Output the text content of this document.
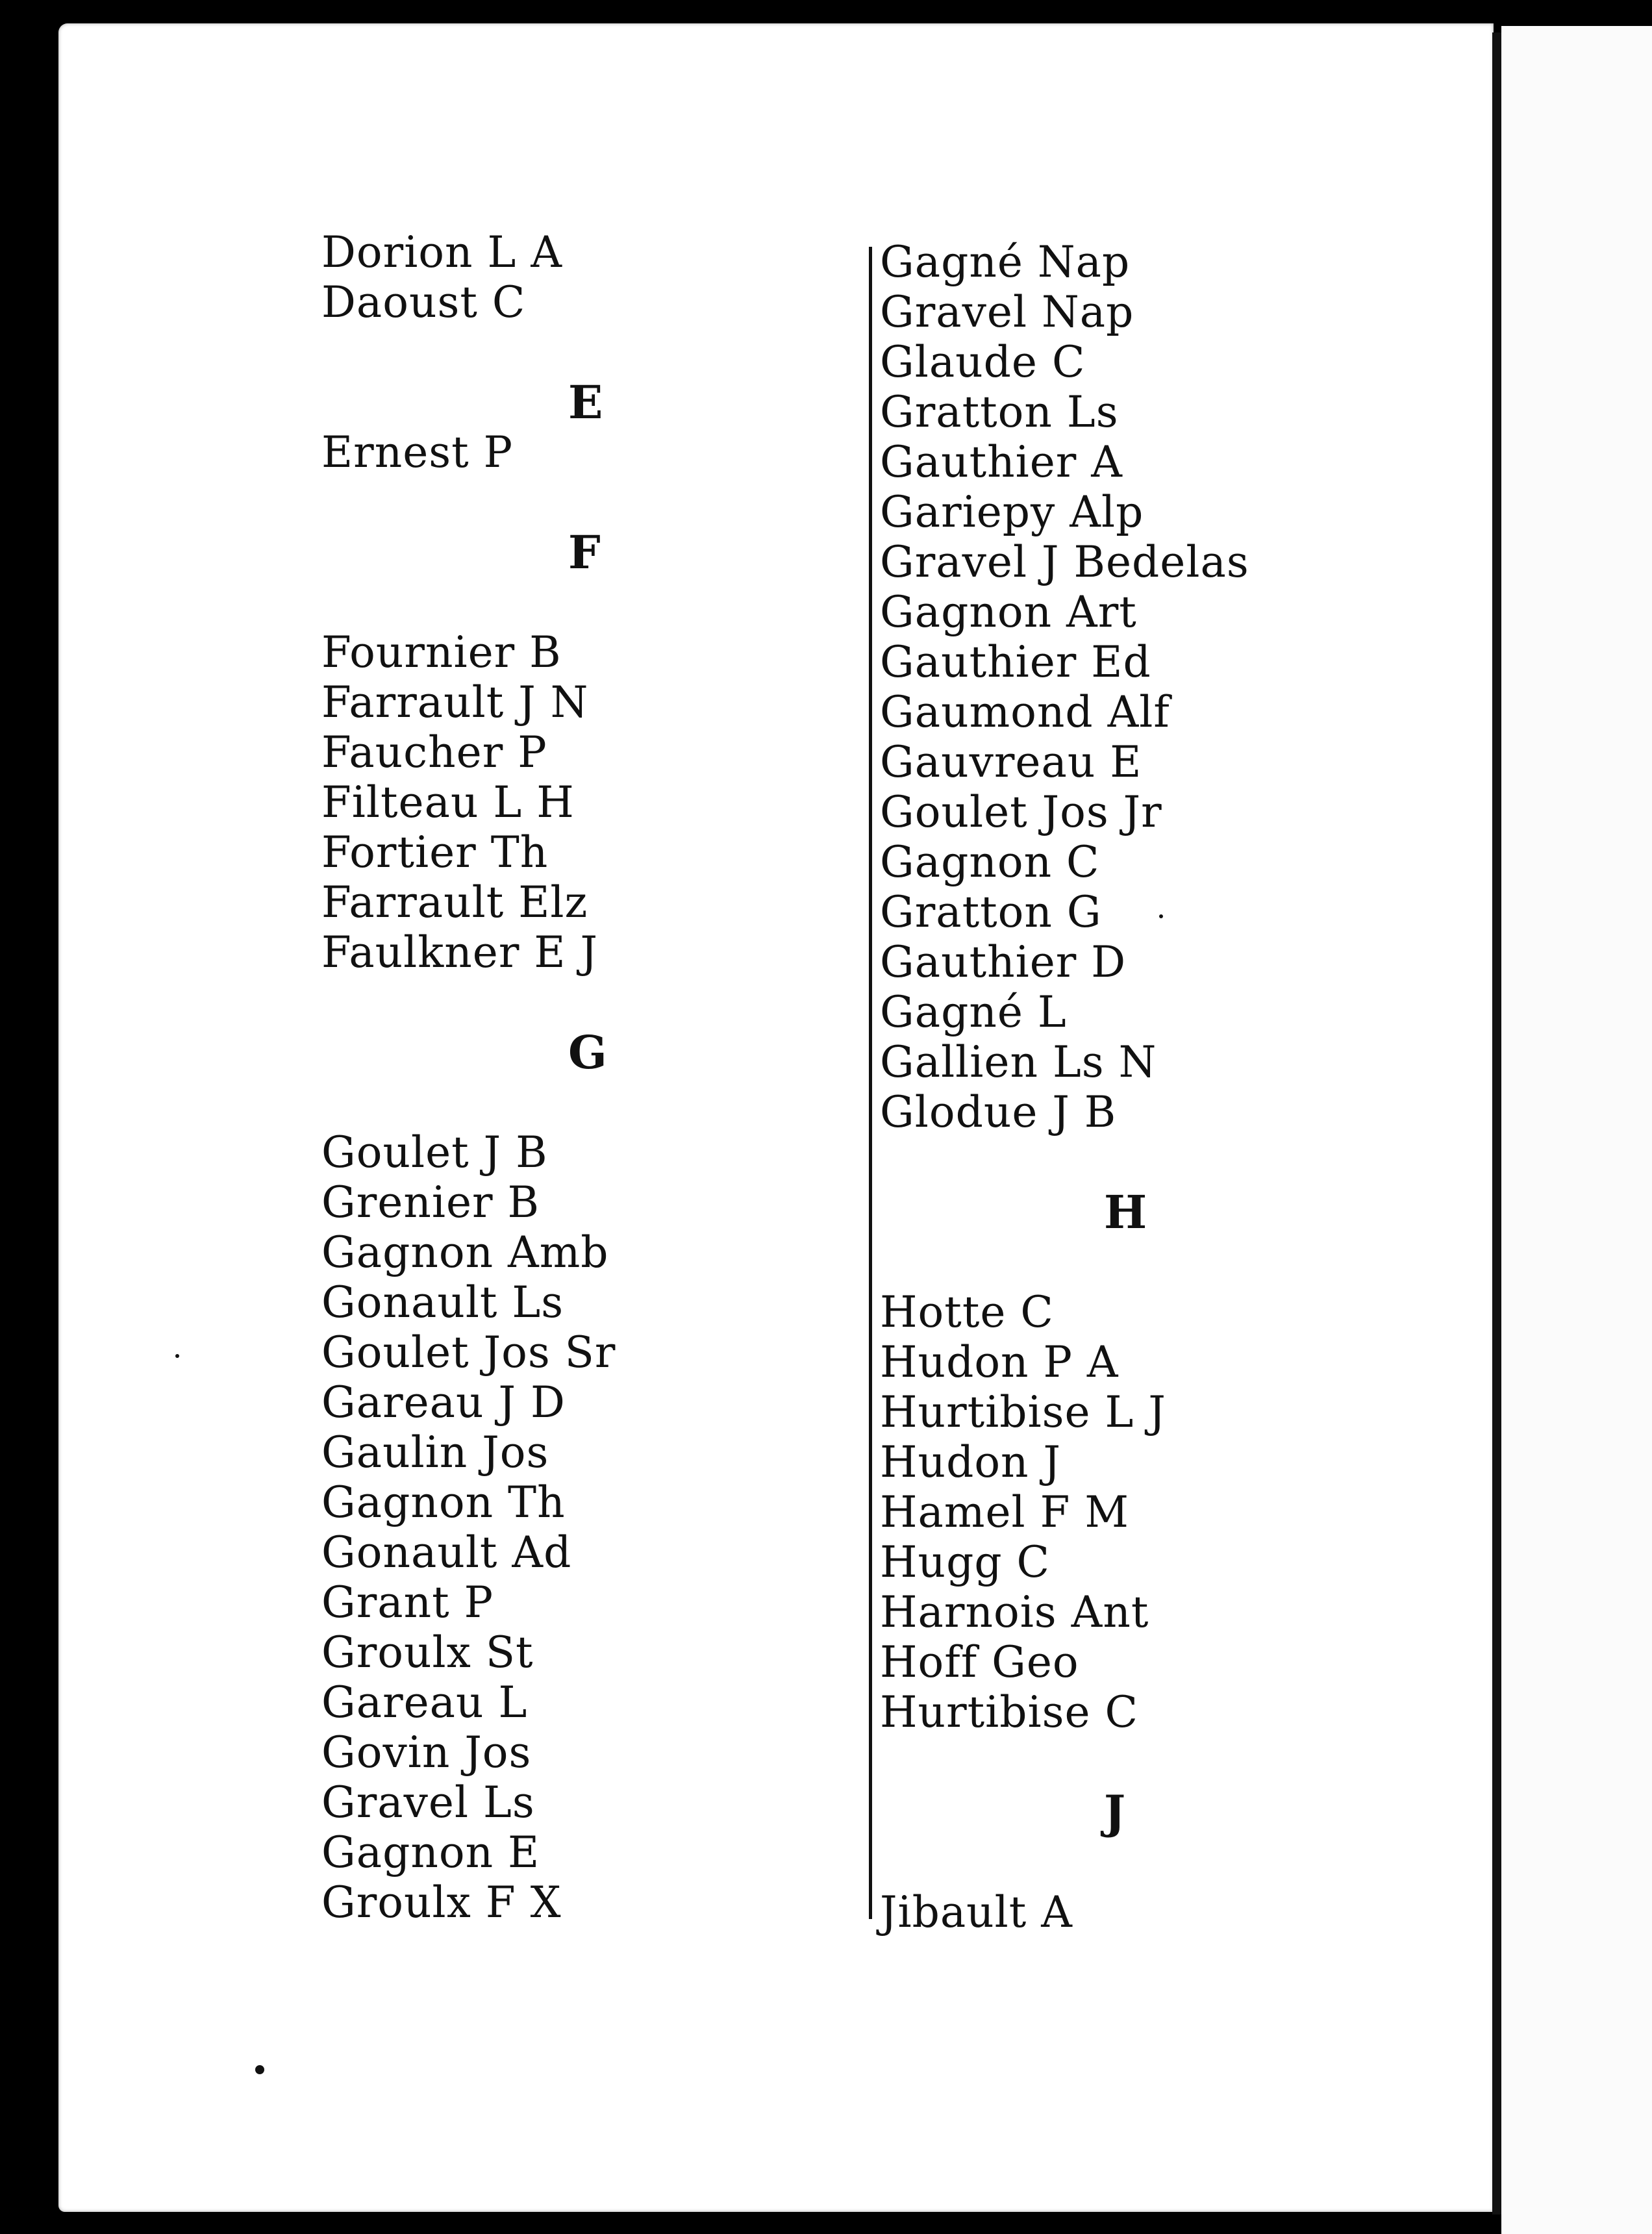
Dorion L A
Daoust C
E
Ernest P
F
Fournier B
Farrault J N
Faucher P
Filteau L H
Fortier Th
Farrault Elz
Faulkner E J
G
Goulet J B
Grenier B
Gagnon Amb
Gonault Ls
Goulet Jos Sr
Gareau J D
Gaulin Jos
Gagnon Th
Gonault Ad
Grant P
Groulx St
Gareau L
Govin Jos
Gravel Ls
Gagnon E
Groulx F X
Gagné Nap
Gravel Nap
Glaude C
Gratton Ls
Gauthier A
Gariepy Alp
Gravel J Bedelas
Gagnon Art
Gauthier Ed
Gaumond Alf
Gauvreau E
Goulet Jos Jr
Gagnon C
Gratton G
Gauthier D
Gagné L
Gallien Ls N
Glodue J B
H
Hotte C
Hudon P A
Hurtibise L J
Hudon J
Hamel F M
Hugg C
Harnois Ant
Hoff Geo
Hurtibise C
J
Jibault A
